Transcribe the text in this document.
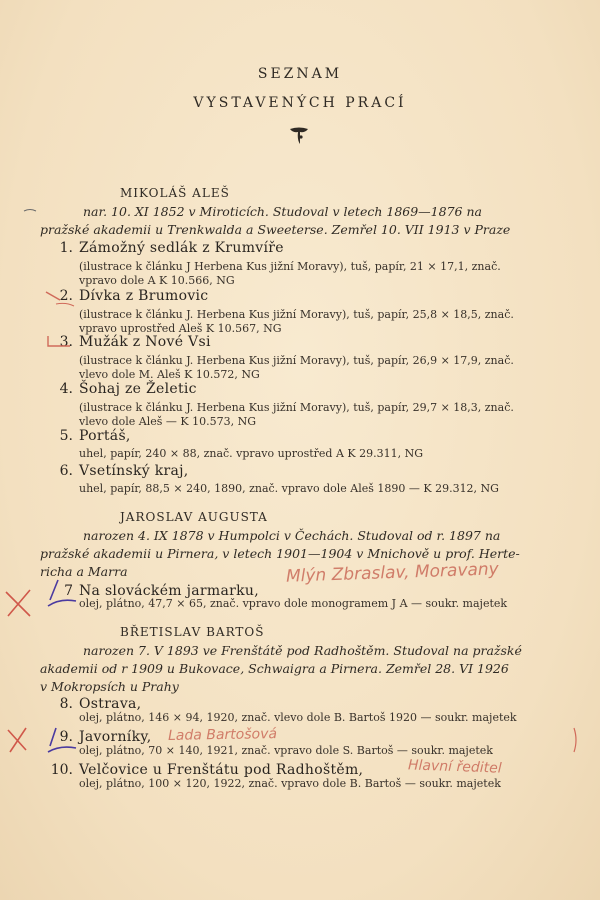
SEZNAM
VYSTAVENÝCH PRACÍ
MIKOLÁŠ ALEŠ
nar. 10. XI 1852 v Miroticích. Studoval v letech 1869—1876 na
pražské akademii u Trenkwalda a Sweeterse. Zemřel 10. VII 1913 v Praze
1. Zámožný sedlák z Krumvíře
(ilustrace k článku J Herbena Kus jižní Moravy), tuš, papír, 21 × 17,1, znač.
vpravo dole A K 10.566, NG
2. Dívka z Brumovic
(ilustrace k článku J. Herbena Kus jižní Moravy), tuš, papír, 25,8 × 18,5, znač.
vpravo uprostřed Aleš K 10.567, NG
3. Mužák z Nové Vsi
(ilustrace k článku J. Herbena Kus jižní Moravy), tuš, papír, 26,9 × 17,9, znač.
vlevo dole M. Aleš K 10.572, NG
4. Šohaj ze Želetic
(ilustrace k článku J. Herbena Kus jižní Moravy), tuš, papír, 29,7 × 18,3, znač.
vlevo dole Aleš — K 10.573, NG
5. Portáš,
uhel, papír, 240 × 88, znač. vpravo uprostřed A K 29.311, NG
6. Vsetínský kraj,
uhel, papír, 88,5 × 240, 1890, znač. vpravo dole Aleš 1890 — K 29.312, NG
JAROSLAV AUGUSTA
narozen 4. IX 1878 v Humpolci v Čechách. Studoval od r. 1897 na
pražské akademii u Pirnera, v letech 1901—1904 v Mnichově u prof. Herte-
richa a Marra
7 Na slováckém jarmarku,
olej, plátno, 47,7 × 65, znač. vpravo dole monogramem J A — soukr. majetek
BŘETISLAV BARTOŠ
narozen 7. V 1893 ve Frenštátě pod Radhoštěm. Studoval na pražské
akademii od r 1909 u Bukovace, Schwaigra a Pirnera. Zemřel 28. VI 1926
v Mokropsích u Prahy
8. Ostrava,
olej, plátno, 146 × 94, 1920, znač. vlevo dole B. Bartoš 1920 — soukr. majetek
9. Javorníky,
olej, plátno, 70 × 140, 1921, znač. vpravo dole S. Bartoš — soukr. majetek
10. Velčovice u Frenštátu pod Radhoštěm,
olej, plátno, 100 × 120, 1922, znač. vpravo dole B. Bartoš — soukr. majetek
Mlýn Zbraslav, Moravany
Lada Bartošová
Hlavní ředitel
